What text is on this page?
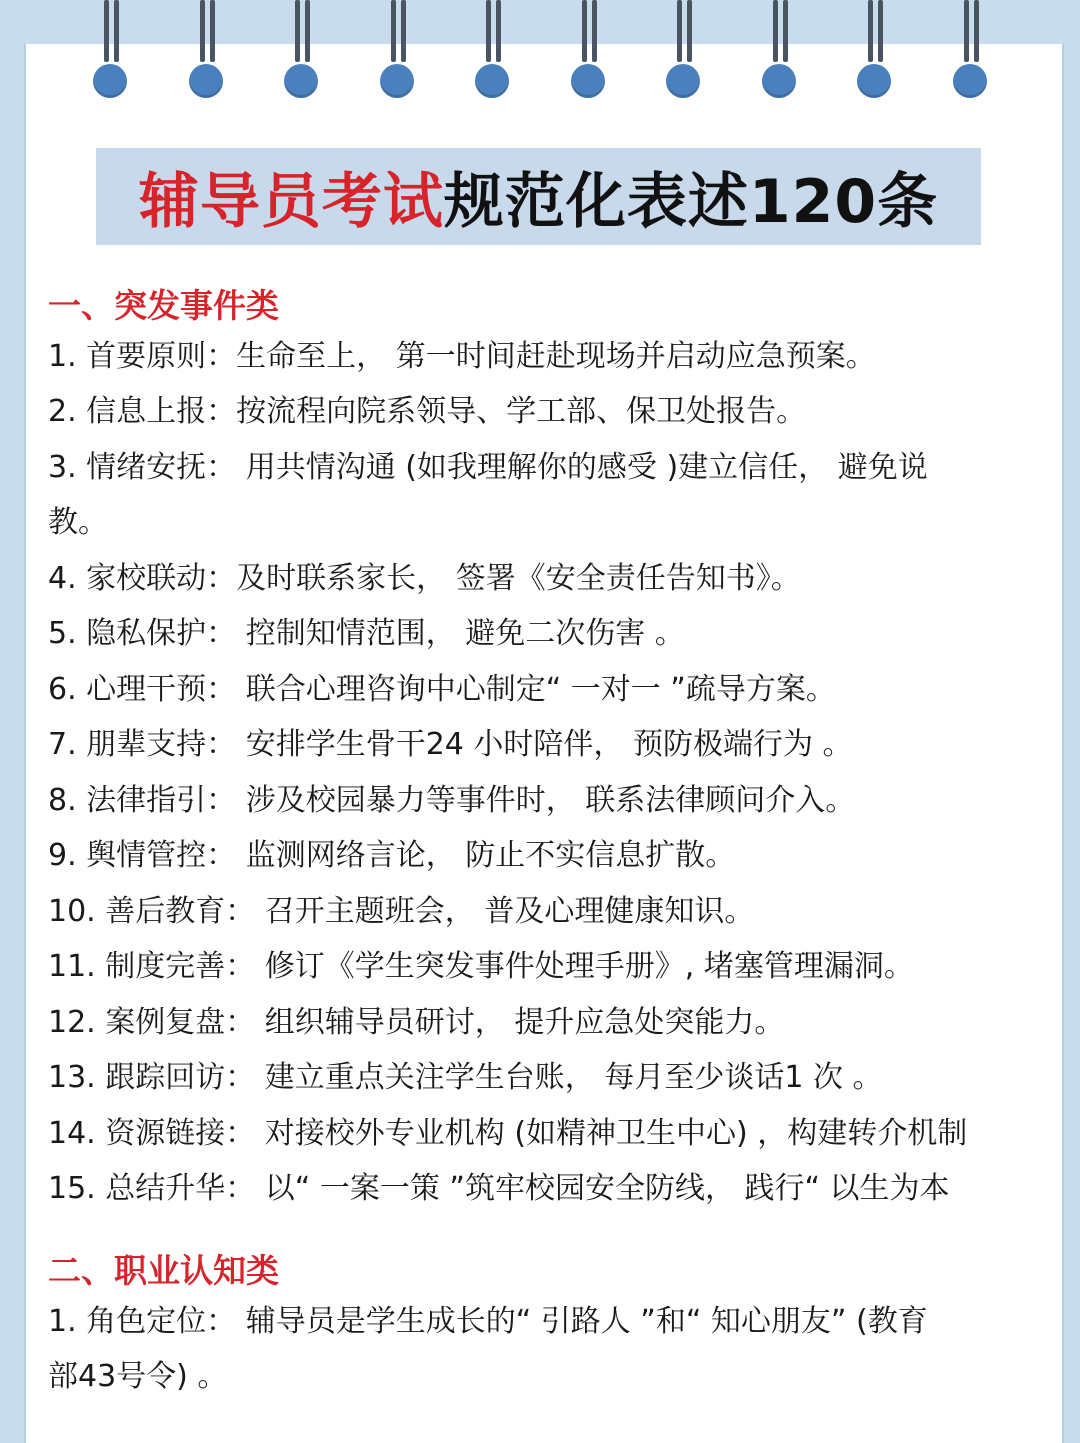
辅导员考试规范化表述120条
一、突发事件类
1. 首要原则：生命至上， 第一时间赶赴现场并启动应急预案。
2. 信息上报：按流程向院系领导、学工部、保卫处报告。
3. 情绪安抚： 用共情沟通 (如我理解你的感受 )建立信任， 避免说
教。
4. 家校联动：及时联系家长， 签署《安全责任告知书》。
5. 隐私保护： 控制知情范围， 避免二次伤害 。
6. 心理干预： 联合心理咨询中心制定“ 一对一 ”疏导方案。
7. 朋辈支持： 安排学生骨干24 小时陪伴， 预防极端行为 。
8. 法律指引： 涉及校园暴力等事件时， 联系法律顾问介入。
9. 舆情管控： 监测网络言论， 防止不实信息扩散。
10. 善后教育： 召开主题班会， 普及心理健康知识。
11. 制度完善： 修订《学生突发事件处理手册》, 堵塞管理漏洞。
12. 案例复盘： 组织辅导员研讨， 提升应急处突能力。
13. 跟踪回访： 建立重点关注学生台账， 每月至少谈话1 次 。
14. 资源链接： 对接校外专业机构 (如精神卫生中心) ，构建转介机制
15. 总结升华： 以“ 一案一策 ”筑牢校园安全防线， 践行“ 以生为本
二、职业认知类
1. 角色定位： 辅导员是学生成长的“ 引路人 ”和“ 知心朋友” (教育
部43号令) 。
